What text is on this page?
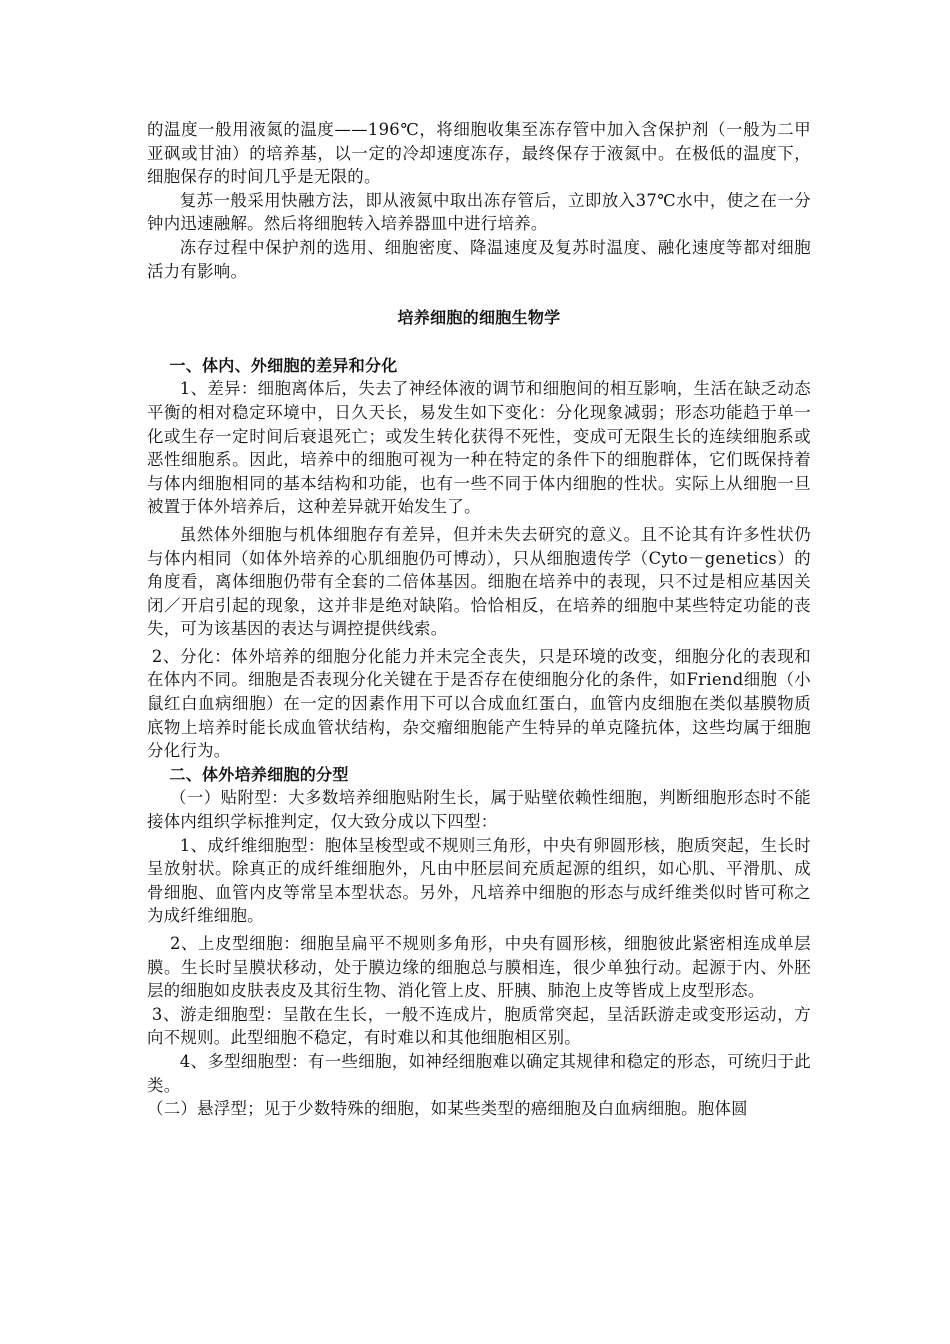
的温度一般用液氮的温度——196℃，将细胞收集至冻存管中加入含保护剂（一般为二甲亚砜或甘油）的培养基，以一定的冷却速度冻存，最终保存于液氮中。在极低的温度下，细胞保存的时间几乎是无限的。

复苏一般采用快融方法，即从液氮中取出冻存管后，立即放入37℃水中，使之在一分钟内迅速融解。然后将细胞转入培养器皿中进行培养。

冻存过程中保护剂的选用、细胞密度、降温速度及复苏时温度、融化速度等都对细胞活力有影响。

培养细胞的细胞生物学

一、体内、外细胞的差异和分化

1、差异：细胞离体后，失去了神经体液的调节和细胞间的相互影响，生活在缺乏动态平衡的相对稳定环境中，日久天长，易发生如下变化：分化现象减弱；形态功能趋于单一化或生存一定时间后衰退死亡；或发生转化获得不死性，变成可无限生长的连续细胞系或恶性细胞系。因此，培养中的细胞可视为一种在特定的条件下的细胞群体，它们既保持着与体内细胞相同的基本结构和功能，也有一些不同于体内细胞的性状。实际上从细胞一旦被置于体外培养后，这种差异就开始发生了。

虽然体外细胞与机体细胞存有差异，但并未失去研究的意义。且不论其有许多性状仍与体内相同（如体外培养的心肌细胞仍可博动），只从细胞遗传学（Cyto－genetics）的角度看，离体细胞仍带有全套的二倍体基因。细胞在培养中的表现，只不过是相应基因关闭／开启引起的现象，这并非是绝对缺陷。恰恰相反，在培养的细胞中某些特定功能的丧失，可为该基因的表达与调控提供线索。

2、分化：体外培养的细胞分化能力并未完全丧失，只是环境的改变，细胞分化的表现和在体内不同。细胞是否表现分化关键在于是否存在使细胞分化的条件，如Friend细胞（小鼠红白血病细胞）在一定的因素作用下可以合成血红蛋白，血管内皮细胞在类似基膜物质底物上培养时能长成血管状结构，杂交瘤细胞能产生特异的单克隆抗体，这些均属于细胞分化行为。

二、体外培养细胞的分型

（一）贴附型：大多数培养细胞贴附生长，属于贴壁依赖性细胞，判断细胞形态时不能接体内组织学标推判定，仅大致分成以下四型：

1、成纤维细胞型：胞体呈梭型或不规则三角形，中央有卵圆形核，胞质突起，生长时呈放射状。除真正的成纤维细胞外，凡由中胚层间充质起源的组织，如心肌、平滑肌、成骨细胞、血管内皮等常呈本型状态。另外，凡培养中细胞的形态与成纤维类似时皆可称之为成纤维细胞。

2、上皮型细胞：细胞呈扁平不规则多角形，中央有圆形核，细胞彼此紧密相连成单层膜。生长时呈膜状移动，处于膜边缘的细胞总与膜相连，很少单独行动。起源于内、外胚层的细胞如皮肤表皮及其衍生物、消化管上皮、肝胰、肺泡上皮等皆成上皮型形态。

3、游走细胞型：呈散在生长，一般不连成片，胞质常突起，呈活跃游走或变形运动，方向不规则。此型细胞不稳定，有时难以和其他细胞相区别。

4、多型细胞型：有一些细胞，如神经细胞难以确定其规律和稳定的形态，可统归于此类。

（二）悬浮型；见于少数特殊的细胞，如某些类型的癌细胞及白血病细胞。胞体圆
